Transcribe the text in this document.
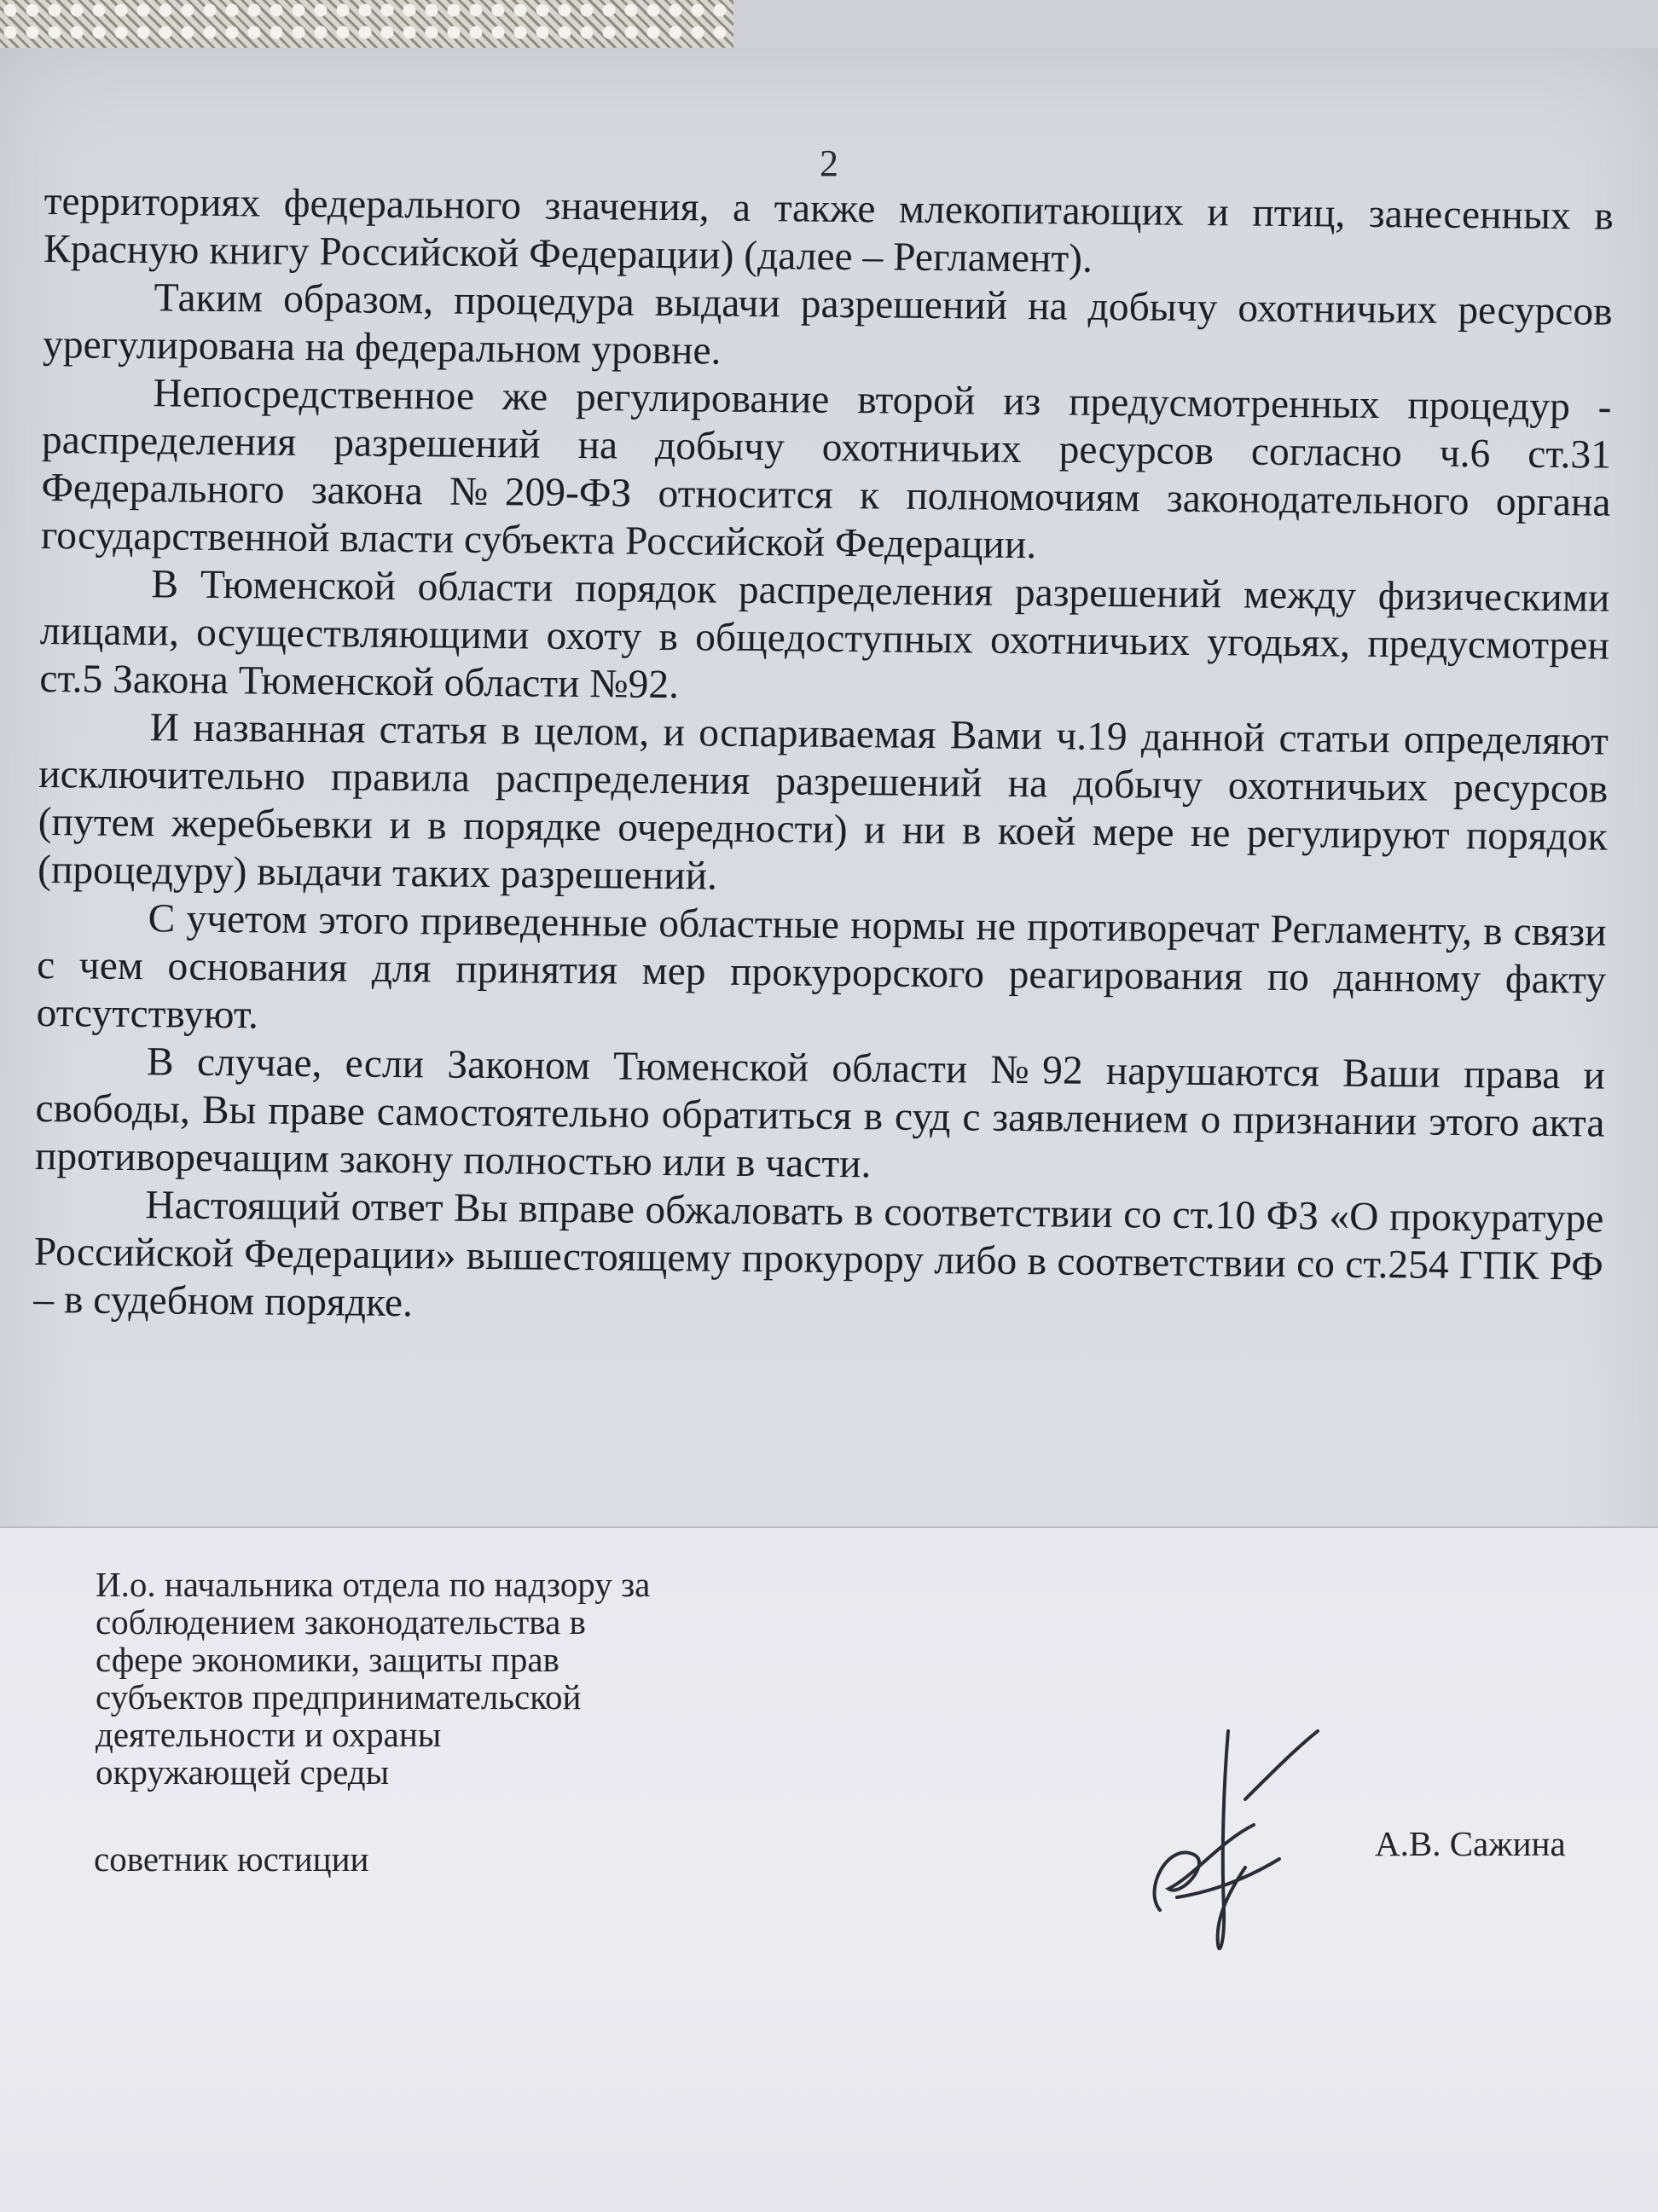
2

территориях федерального значения, а также млекопитающих и птиц, занесенных в Красную книгу Российской Федерации) (далее – Регламент).

Таким образом, процедура выдачи разрешений на добычу охотничьих ресурсов урегулирована на федеральном уровне.

Непосредственное же регулирование второй из предусмотренных процедур - распределения разрешений на добычу охотничьих ресурсов согласно ч.6 ст.31 Федерального закона №209-ФЗ относится к полномочиям законодательного органа государственной власти субъекта Российской Федерации.

В Тюменской области порядок распределения разрешений между физическими лицами, осуществляющими охоту в общедоступных охотничьих угодьях, предусмотрен ст.5 Закона Тюменской области №92.

И названная статья в целом, и оспариваемая Вами ч.19 данной статьи определяют исключительно правила распределения разрешений на добычу охотничьих ресурсов (путем жеребьевки и в порядке очередности) и ни в коей мере не регулируют порядок (процедуру) выдачи таких разрешений.

С учетом этого приведенные областные нормы не противоречат Регламенту, в связи с чем основания для принятия мер прокурорского реагирования по данному факту отсутствуют.

В случае, если Законом Тюменской области №92 нарушаются Ваши права и свободы, Вы праве самостоятельно обратиться в суд с заявлением о признании этого акта противоречащим закону полностью или в части.

Настоящий ответ Вы вправе обжаловать в соответствии со ст.10 ФЗ «О прокуратуре Российской Федерации» вышестоящему прокурору либо в соответствии со ст.254 ГПК РФ – в судебном порядке.

И.о. начальника отдела по надзору за

соблюдением законодательства в

сфере экономики, защиты прав

субъектов предпринимательской

деятельности и охраны

окружающей среды

советник юстиции	А.В. Сажина
